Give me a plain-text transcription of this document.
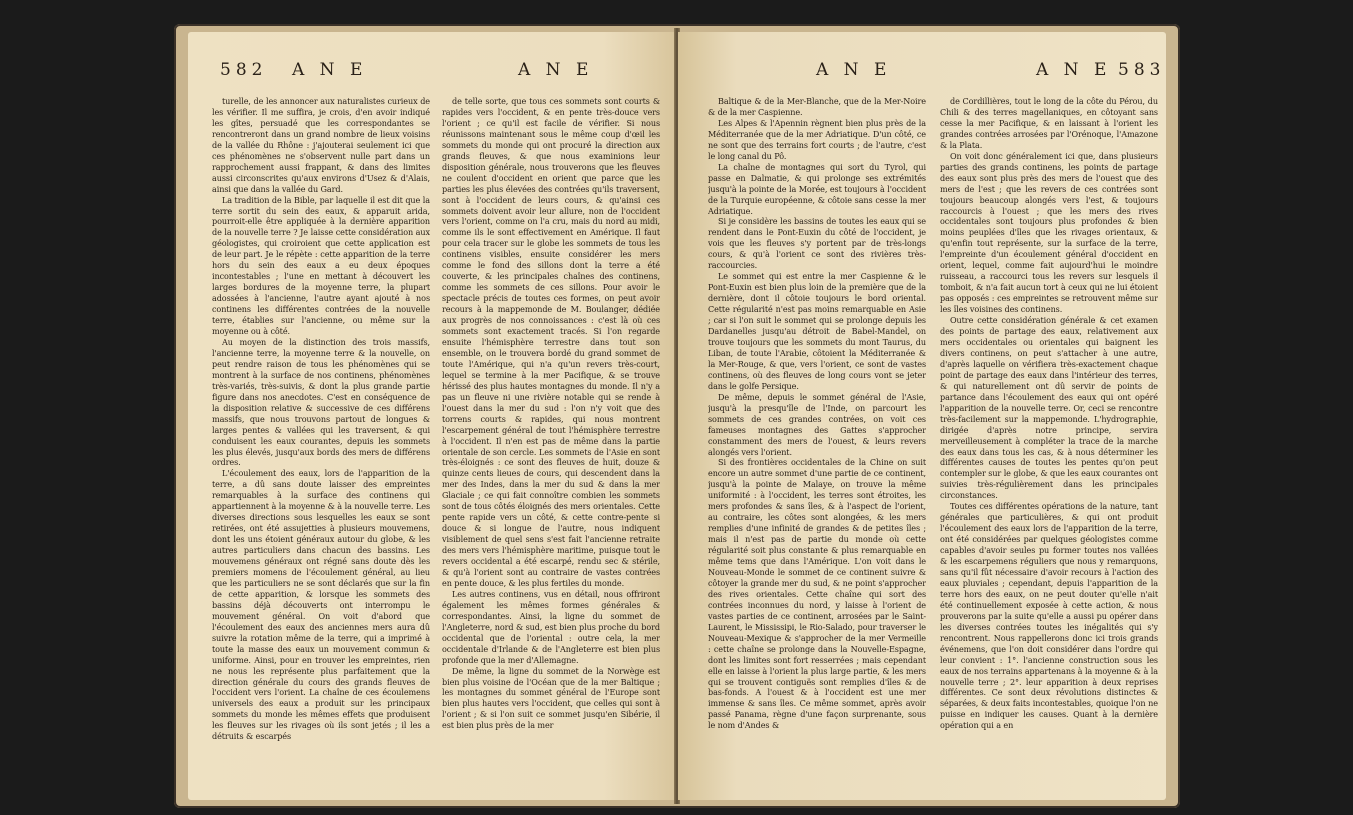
582 A N E	A N E

turelle, de les annoncer aux naturalistes curieux de les vérifier. Il me suffira, je crois, d'en avoir indiqué les gîtes, persuadé que les correspondantes se rencontreront dans un grand nombre de lieux voisins de la vallée du Rhône : j'ajouterai seulement ici que ces phénomènes ne s'observent nulle part dans un rapprochement aussi frappant, & dans des limites aussi circonscrites qu'aux environs d'Usez & d'Alais, ainsi que dans la vallée du Gard.

La tradition de la Bible, par laquelle il est dit que la terre sortit du sein des eaux, & apparuit arida, pourroit-elle être appliquée à la dernière apparition de la nouvelle terre ? Je laisse cette considération aux géologistes, qui croiroient que cette application est de leur part. Je le répète : cette apparition de la terre hors du sein des eaux a eu deux époques incontestables ; l'une en mettant à découvert les larges bordures de la moyenne terre, la plupart adossées à l'ancienne, l'autre ayant ajouté à nos continens les différentes contrées de la nouvelle terre, établies sur l'ancienne, ou même sur la moyenne ou à côté.

Au moyen de la distinction des trois massifs, l'ancienne terre, la moyenne terre & la nouvelle, on peut rendre raison de tous les phénomènes qui se montrent à la surface de nos continens, phénomènes très-variés, très-suivis, & dont la plus grande partie figure dans nos anecdotes. C'est en conséquence de la disposition relative & successive de ces différens massifs, que nous trouvons partout de longues & larges pentes & vallées qui les traversent, & qui conduisent les eaux courantes, depuis les sommets les plus élevés, jusqu'aux bords des mers de différens ordres.

L'écoulement des eaux, lors de l'apparition de la terre, a dû sans doute laisser des empreintes remarquables à la surface des continens qui appartiennent à la moyenne & à la nouvelle terre. Les diverses directions sous lesquelles les eaux se sont retirées, ont été assujetties à plusieurs mouvemens, dont les uns étoient généraux autour du globe, & les autres particuliers dans chacun des bassins. Les mouvemens généraux ont régné sans doute dès les premiers momens de l'écoulement général, au lieu que les particuliers ne se sont déclarés que sur la fin de cette apparition, & lorsque les sommets des bassins déjà découverts ont interrompu le mouvement général. On voit d'abord que l'écoulement des eaux des anciennes mers aura dû suivre la rotation même de la terre, qui a imprimé à toute la masse des eaux un mouvement commun & uniforme. Ainsi, pour en trouver les empreintes, rien ne nous les représente plus parfaitement que la direction générale du cours des grands fleuves de l'occident vers l'orient. La chaîne de ces écoulemens universels des eaux a produit sur les principaux sommets du monde les mêmes effets que produisent les fleuves sur les rivages où ils sont jetés ; il les a détruits & escarpés

de telle sorte, que tous ces sommets sont courts & rapides vers l'occident, & en pente très-douce vers l'orient ; ce qu'il est facile de vérifier. Si nous réunissons maintenant sous le même coup d'œil les sommets du monde qui ont procuré la direction aux grands fleuves, & que nous examinions leur disposition générale, nous trouverons que les fleuves ne coulent d'occident en orient que parce que les parties les plus élevées des contrées qu'ils traversent, sont à l'occident de leurs cours, & qu'ainsi ces sommets doivent avoir leur allure, non de l'occident vers l'orient, comme on l'a cru, mais du nord au midi, comme ils le sont effectivement en Amérique. Il faut pour cela tracer sur le globe les sommets de tous les continens visibles, ensuite considérer les mers comme le fond des sillons dont la terre a été couverte, & les principales chaînes des continens, comme les sommets de ces sillons. Pour avoir le spectacle précis de toutes ces formes, on peut avoir recours à la mappemonde de M. Boulanger, dédiée aux progrès de nos connoissances : c'est là où ces sommets sont exactement tracés. Si l'on regarde ensuite l'hémisphère terrestre dans tout son ensemble, on le trouvera bordé du grand sommet de toute l'Amérique, qui n'a qu'un revers très-court, lequel se termine à la mer Pacifique, & se trouve hérissé des plus hautes montagnes du monde. Il n'y a pas un fleuve ni une rivière notable qui se rende à l'ouest dans la mer du sud : l'on n'y voit que des torrens courts & rapides, qui nous montrent l'escarpement général de tout l'hémisphère terrestre à l'occident. Il n'en est pas de même dans la partie orientale de son cercle. Les sommets de l'Asie en sont très-éloignés : ce sont des fleuves de huit, douze & quinze cents lieues de cours, qui descendent dans la mer des Indes, dans la mer du sud & dans la mer Glaciale ; ce qui fait connoître combien les sommets sont de tous côtés éloignés des mers orientales. Cette pente rapide vers un côté, & cette contre-pente si douce & si longue de l'autre, nous indiquent visiblement de quel sens s'est fait l'ancienne retraite des mers vers l'hémisphère maritime, puisque tout le revers occidental a été escarpé, rendu sec & stérile, & qu'à l'orient sont au contraire de vastes contrées en pente douce, & les plus fertiles du monde.

Les autres continens, vus en détail, nous offriront également les mêmes formes générales & correspondantes. Ainsi, la ligne du sommet de l'Angleterre, nord & sud, est bien plus proche du bord occidental que de l'oriental : outre cela, la mer occidentale d'Irlande & de l'Angleterre est bien plus profonde que la mer d'Allemagne.

De même, la ligne du sommet de la Norwège est bien plus voisine de l'Océan que de la mer Baltique ; les montagnes du sommet général de l'Europe sont bien plus hautes vers l'occident, que celles qui sont à l'orient ; & si l'on suit ce sommet jusqu'en Sibérie, il est bien plus près de la mer

A N E	A N E 583

Baltique & de la Mer-Blanche, que de la Mer-Noire & de la mer Caspienne.

Les Alpes & l'Apennin règnent bien plus près de la Méditerranée que de la mer Adriatique. D'un côté, ce ne sont que des terrains fort courts ; de l'autre, c'est le long canal du Pô.

La chaîne de montagnes qui sort du Tyrol, qui passe en Dalmatie, & qui prolonge ses extrémités jusqu'à la pointe de la Morée, est toujours à l'occident de la Turquie européenne, & côtoie sans cesse la mer Adriatique.

Si je considère les bassins de toutes les eaux qui se rendent dans le Pont-Euxin du côté de l'occident, je vois que les fleuves s'y portent par de très-longs cours, & qu'à l'orient ce sont des rivières très-raccourcies.

Le sommet qui est entre la mer Caspienne & le Pont-Euxin est bien plus loin de la première que de la dernière, dont il côtoie toujours le bord oriental. Cette régularité n'est pas moins remarquable en Asie ; car si l'on suit le sommet qui se prolonge depuis les Dardanelles jusqu'au détroit de Babel-Mandel, on trouve toujours que les sommets du mont Taurus, du Liban, de toute l'Arabie, côtoient la Méditerranée & la Mer-Rouge, & que, vers l'orient, ce sont de vastes continens, où des fleuves de long cours vont se jeter dans le golfe Persique.

De même, depuis le sommet général de l'Asie, jusqu'à la presqu'île de l'Inde, on parcourt les sommets de ces grandes contrées, on voit ces fameuses montagnes des Gattes s'approcher constamment des mers de l'ouest, & leurs revers alongés vers l'orient.

Si des frontières occidentales de la Chine on suit encore un autre sommet d'une partie de ce continent, jusqu'à la pointe de Malaye, on trouve la même uniformité : à l'occident, les terres sont étroites, les mers profondes & sans îles, & à l'aspect de l'orient, au contraire, les côtes sont alongées, & les mers remplies d'une infinité de grandes & de petites îles ; mais il n'est pas de partie du monde où cette régularité soit plus constante & plus remarquable en même tems que dans l'Amérique. L'on voit dans le Nouveau-Monde le sommet de ce continent suivre & côtoyer la grande mer du sud, & ne point s'approcher des rives orientales. Cette chaîne qui sort des contrées inconnues du nord, y laisse à l'orient de vastes parties de ce continent, arrosées par le Saint-Laurent, le Mississipi, le Rio-Salado, pour traverser le Nouveau-Mexique & s'approcher de la mer Vermeille : cette chaîne se prolonge dans la Nouvelle-Espagne, dont les limites sont fort resserrées ; mais cependant elle en laisse à l'orient la plus large partie, & les mers qui se trouvent contiguës sont remplies d'îles & de bas-fonds. A l'ouest & à l'occident est une mer immense & sans îles. Ce même sommet, après avoir passé Panama, règne d'une façon surprenante, sous le nom d'Andes &

de Cordillières, tout le long de la côte du Pérou, du Chili & des terres magellaniques, en côtoyant sans cesse la mer Pacifique, & en laissant à l'orient les grandes contrées arrosées par l'Orénoque, l'Amazone & la Plata.

On voit donc généralement ici que, dans plusieurs parties des grands continens, les points de partage des eaux sont plus près des mers de l'ouest que des mers de l'est ; que les revers de ces contrées sont toujours beaucoup alongés vers l'est, & toujours raccourcis à l'ouest ; que les mers des rives occidentales sont toujours plus profondes & bien moins peuplées d'îles que les rivages orientaux, & qu'enfin tout représente, sur la surface de la terre, l'empreinte d'un écoulement général d'occident en orient, lequel, comme fait aujourd'hui le moindre ruisseau, a raccourci tous les revers sur lesquels il tomboit, & n'a fait aucun tort à ceux qui ne lui étoient pas opposés : ces empreintes se retrouvent même sur les îles voisines des continens.

Outre cette considération générale & cet examen des points de partage des eaux, relativement aux mers occidentales ou orientales qui baignent les divers continens, on peut s'attacher à une autre, d'après laquelle on vérifiera très-exactement chaque point de partage des eaux dans l'intérieur des terres, & qui naturellement ont dû servir de points de partance dans l'écoulement des eaux qui ont opéré l'apparition de la nouvelle terre. Or, ceci se rencontre très-facilement sur la mappemonde. L'hydrographie, dirigée d'après notre principe, servira merveilleusement à compléter la trace de la marche des eaux dans tous les cas, & à nous déterminer les différentes causes de toutes les pentes qu'on peut contempler sur le globe, & que les eaux courantes ont suivies très-régulièrement dans les principales circonstances.

Toutes ces différentes opérations de la nature, tant générales que particulières, & qui ont produit l'écoulement des eaux lors de l'apparition de la terre, ont été considérées par quelques géologistes comme capables d'avoir seules pu former toutes nos vallées & les escarpemens réguliers que nous y remarquons, sans qu'il fût nécessaire d'avoir recours à l'action des eaux pluviales ; cependant, depuis l'apparition de la terre hors des eaux, on ne peut douter qu'elle n'ait été continuellement exposée à cette action, & nous prouverons par la suite qu'elle a aussi pu opérer dans les diverses contrées toutes les inégalités qui s'y rencontrent. Nous rappellerons donc ici trois grands événemens, que l'on doit considérer dans l'ordre qui leur convient : 1°. l'ancienne construction sous les eaux de nos terrains appartenans à la moyenne & à la nouvelle terre ; 2°. leur apparition à deux reprises différentes. Ce sont deux révolutions distinctes & séparées, & deux faits incontestables, quoique l'on ne puisse en indiquer les causes. Quant à la dernière opération qui a en
